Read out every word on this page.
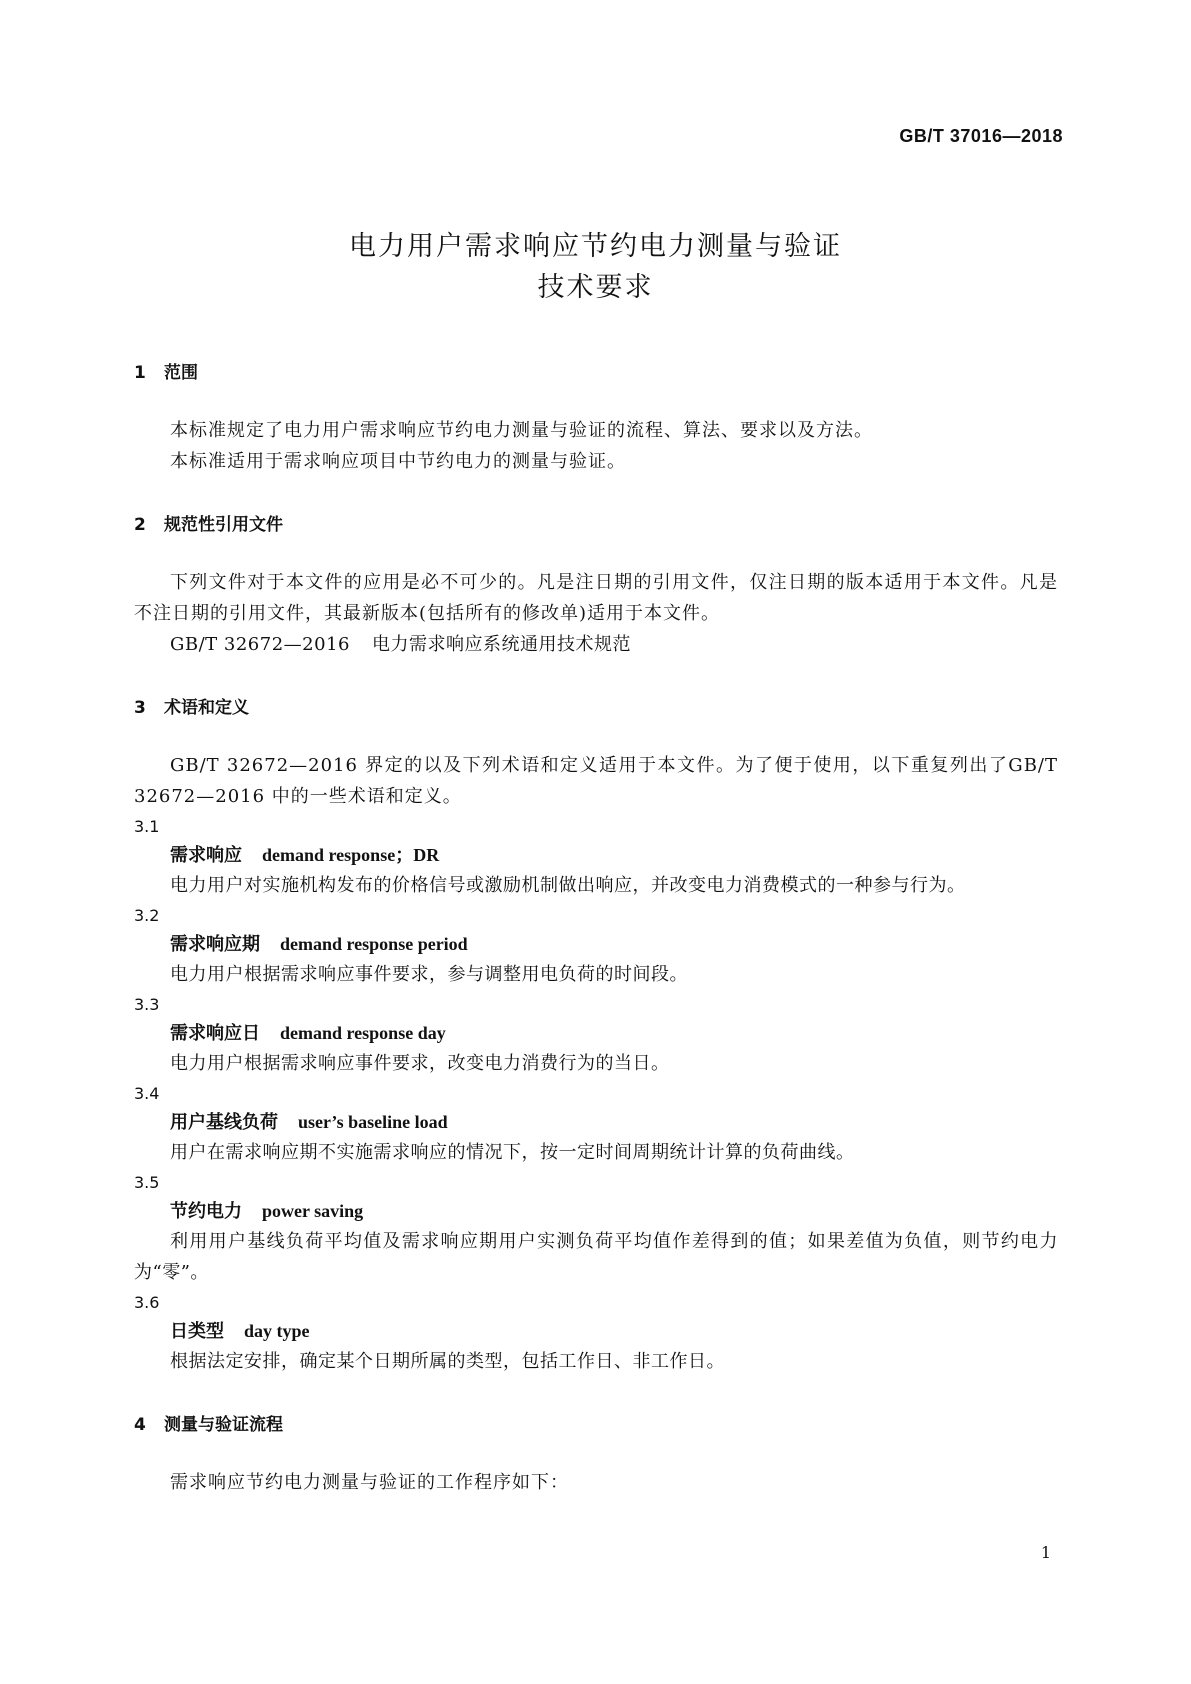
GB/T 37016—2018
电力用户需求响应节约电力测量与验证
技术要求

1 范围

本标准规定了电力用户需求响应节约电力测量与验证的流程、算法、要求以及方法。

本标准适用于需求响应项目中节约电力的测量与验证。

2 规范性引用文件

下列文件对于本文件的应用是必不可少的。凡是注日期的引用文件，仅注日期的版本适用于本文件。凡是不注日期的引用文件，其最新版本(包括所有的修改单)适用于本文件。

GB/T 32672—2016 电力需求响应系统通用技术规范

3 术语和定义

GB/T 32672—2016 界定的以及下列术语和定义适用于本文件。为了便于使用，以下重复列出了GB/T 32672—2016 中的一些术语和定义。

3.1

需求响应 demand response；DR

电力用户对实施机构发布的价格信号或激励机制做出响应，并改变电力消费模式的一种参与行为。

3.2

需求响应期 demand response period

电力用户根据需求响应事件要求，参与调整用电负荷的时间段。

3.3

需求响应日 demand response day

电力用户根据需求响应事件要求，改变电力消费行为的当日。

3.4

用户基线负荷 user’s baseline load

用户在需求响应期不实施需求响应的情况下，按一定时间周期统计计算的负荷曲线。

3.5

节约电力 power saving

利用用户基线负荷平均值及需求响应期用户实测负荷平均值作差得到的值；如果差值为负值，则节约电力为“零”。

3.6

日类型 day type

根据法定安排，确定某个日期所属的类型，包括工作日、非工作日。

4 测量与验证流程

需求响应节约电力测量与验证的工作程序如下：

1
